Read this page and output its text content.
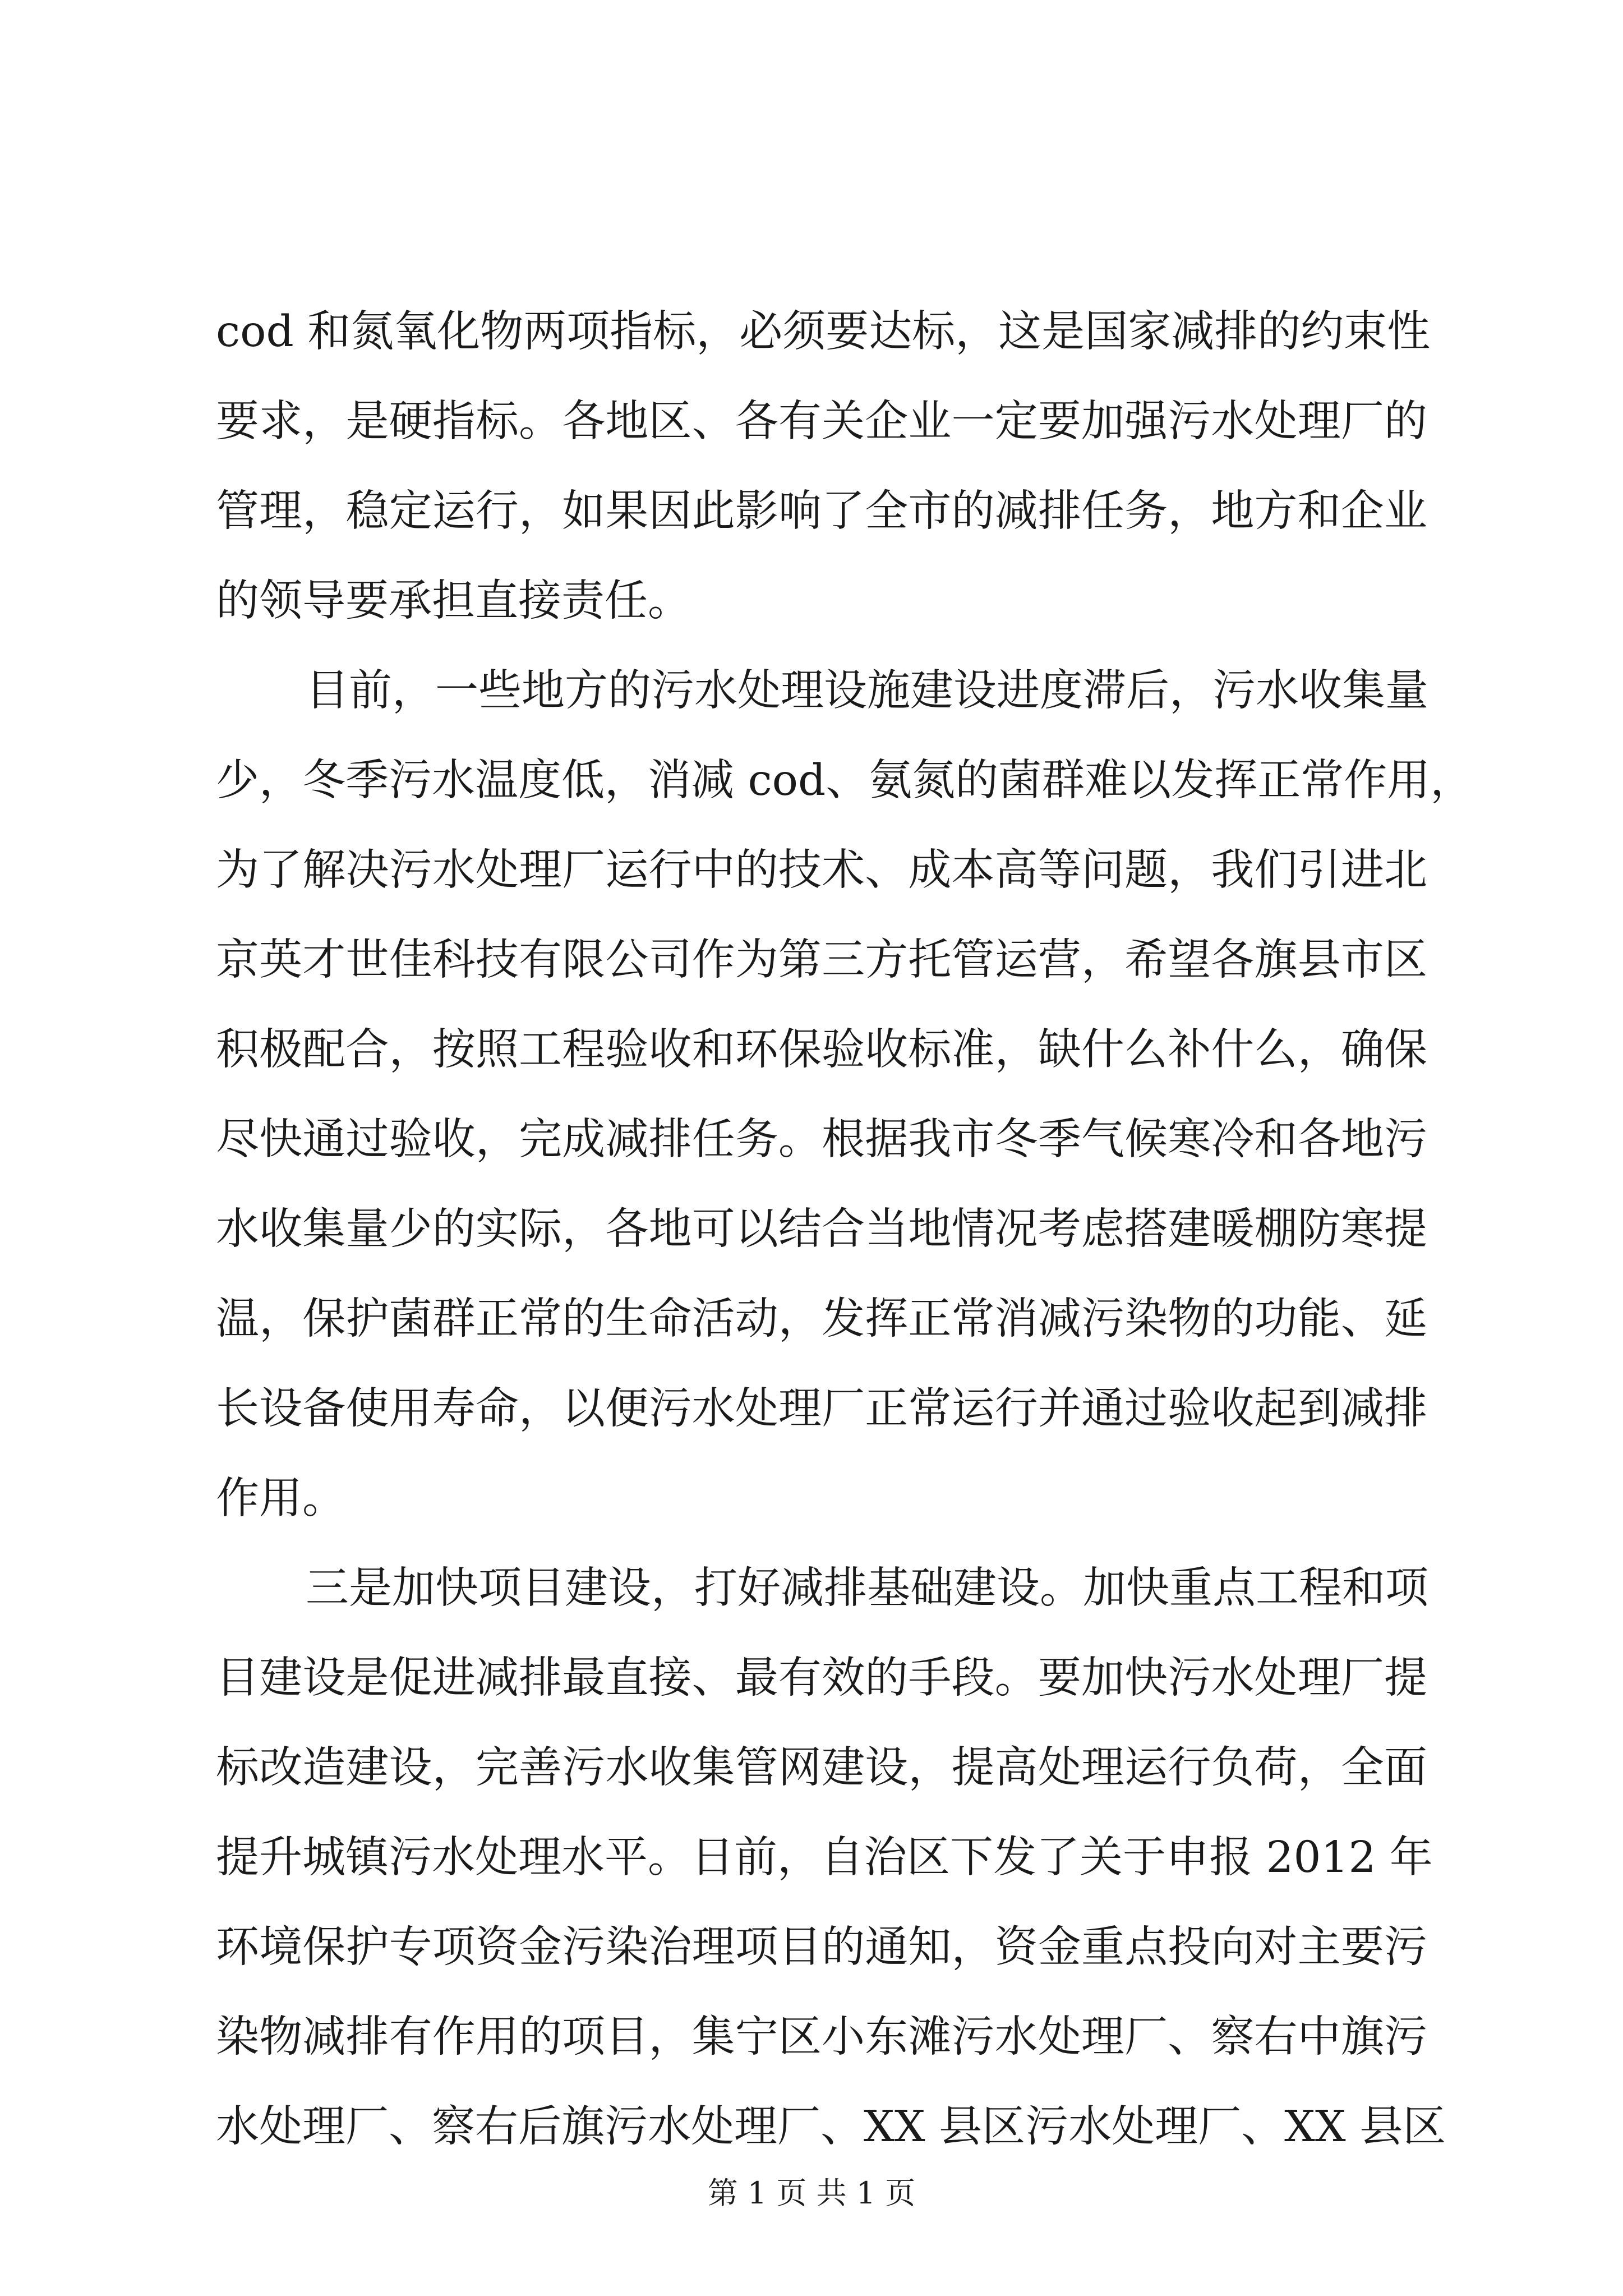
cod 和氮氧化物两项指标，必须要达标，这是国家减排的约束性
要求，是硬指标。各地区、各有关企业一定要加强污水处理厂的
管理，稳定运行，如果因此影响了全市的减排任务，地方和企业
的领导要承担直接责任。
目前，一些地方的污水处理设施建设进度滞后，污水收集量
少，冬季污水温度低，消减 cod、氨氮的菌群难以发挥正常作用，
为了解决污水处理厂运行中的技术、成本高等问题，我们引进北
京英才世佳科技有限公司作为第三方托管运营，希望各旗县市区
积极配合，按照工程验收和环保验收标准，缺什么补什么，确保
尽快通过验收，完成减排任务。根据我市冬季气候寒冷和各地污
水收集量少的实际，各地可以结合当地情况考虑搭建暖棚防寒提
温，保护菌群正常的生命活动，发挥正常消减污染物的功能、延
长设备使用寿命，以便污水处理厂正常运行并通过验收起到减排
作用。
三是加快项目建设，打好减排基础建设。加快重点工程和项
目建设是促进减排最直接、最有效的手段。要加快污水处理厂提
标改造建设，完善污水收集管网建设，提高处理运行负荷，全面
提升城镇污水处理水平。日前，自治区下发了关于申报 2012 年
环境保护专项资金污染治理项目的通知，资金重点投向对主要污
染物减排有作用的项目，集宁区小东滩污水处理厂、察右中旗污
水处理厂、察右后旗污水处理厂、XX 县区污水处理厂、XX 县区
第 1 页 共 1 页
